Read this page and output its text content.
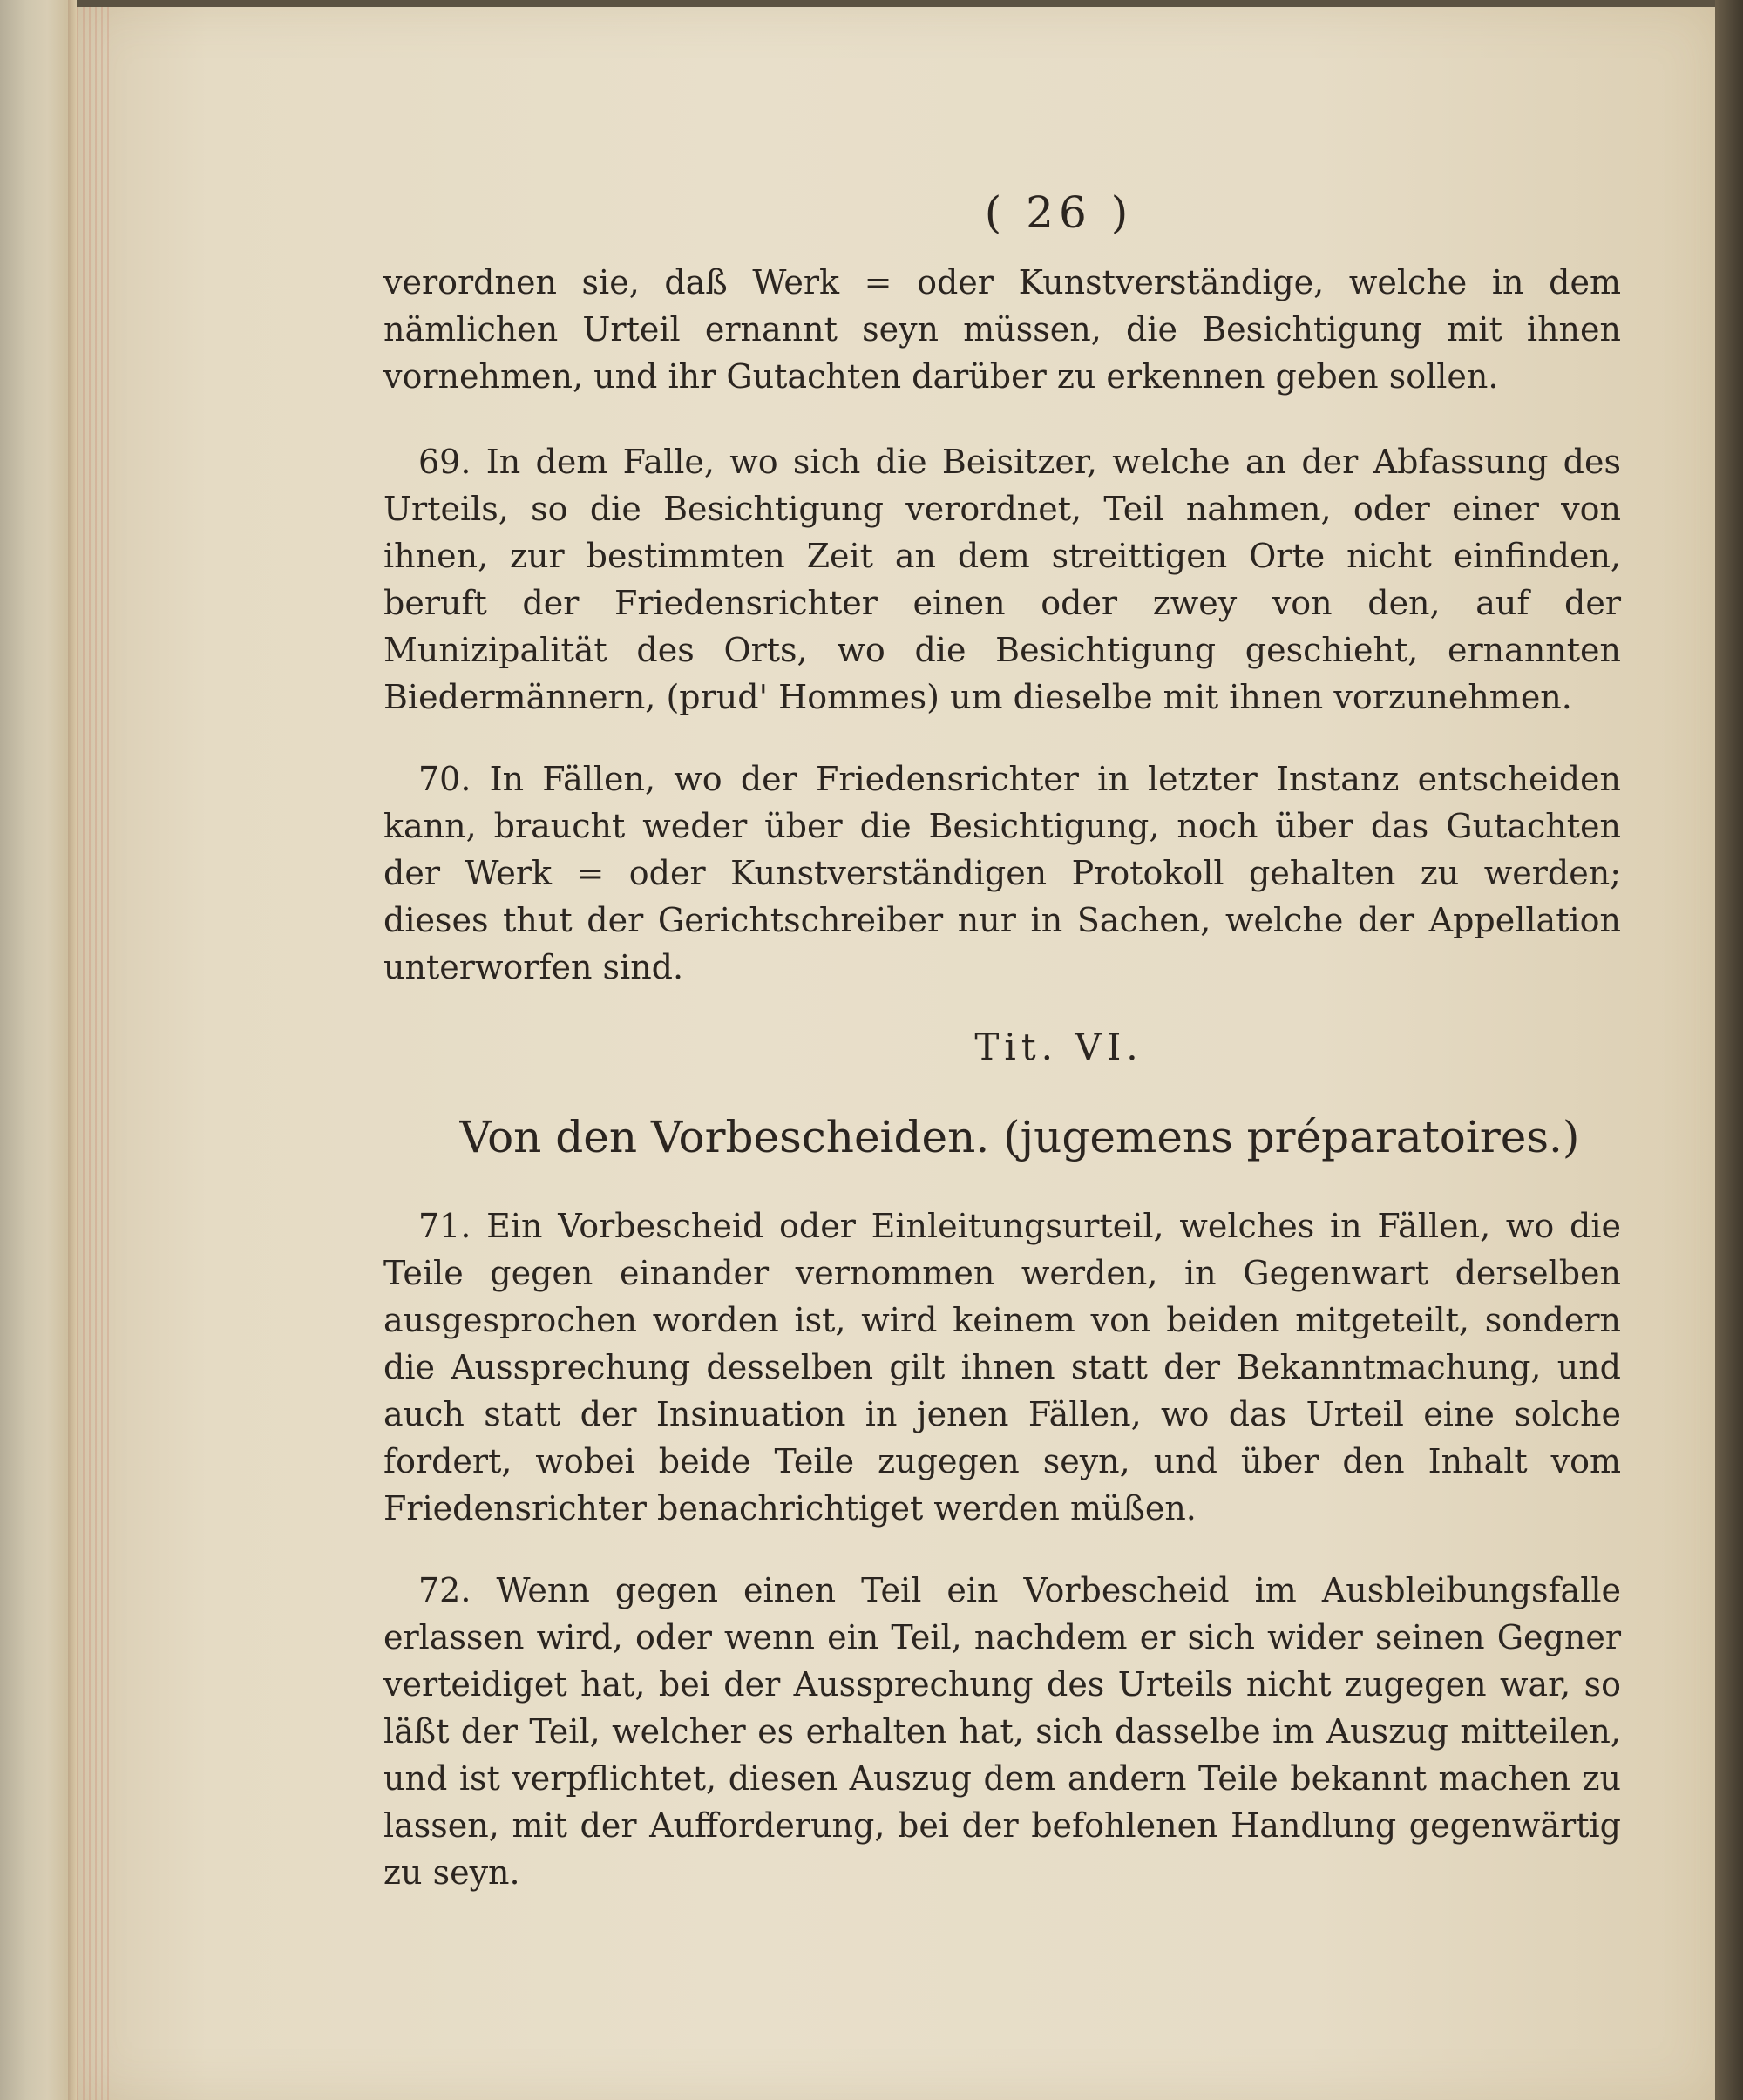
( 26 )

verordnen sie, daß Werk = oder Kunstverständige, welche in dem nämlichen Urteil ernannt seyn müssen, die Besichtigung mit ihnen vornehmen, und ihr Gutachten darüber zu erkennen geben sollen.

69. In dem Falle, wo sich die Beisitzer, welche an der Abfassung des Urteils, so die Besichtigung verordnet, Teil nahmen, oder einer von ihnen, zur bestimmten Zeit an dem streittigen Orte nicht einfinden, beruft der Friedensrichter einen oder zwey von den, auf der Munizipalität des Orts, wo die Besichtigung geschieht, ernannten Biedermännern, (prud' Hommes) um dieselbe mit ihnen vorzunehmen.

70. In Fällen, wo der Friedensrichter in letzter Instanz entscheiden kann, braucht weder über die Besichtigung, noch über das Gutachten der Werk = oder Kunstverständigen Protokoll gehalten zu werden; dieses thut der Gerichtschreiber nur in Sachen, welche der Appellation unterworfen sind.

Tit. VI.
Von den Vorbescheiden. (jugemens préparatoires.)

71. Ein Vorbescheid oder Einleitungsurteil, welches in Fällen, wo die Teile gegen einander vernommen werden, in Gegenwart derselben ausgesprochen worden ist, wird keinem von beiden mitgeteilt, sondern die Aussprechung desselben gilt ihnen statt der Bekanntmachung, und auch statt der Insinuation in jenen Fällen, wo das Urteil eine solche fordert, wobei beide Teile zugegen seyn, und über den Inhalt vom Friedensrichter benachrichtiget werden müßen.

72. Wenn gegen einen Teil ein Vorbescheid im Ausbleibungsfalle erlassen wird, oder wenn ein Teil, nachdem er sich wider seinen Gegner verteidiget hat, bei der Aussprechung des Urteils nicht zugegen war, so läßt der Teil, welcher es erhalten hat, sich dasselbe im Auszug mitteilen, und ist verpflichtet, diesen Auszug dem andern Teile bekannt machen zu lassen, mit der Aufforderung, bei der befohlenen Handlung gegenwärtig zu seyn.
